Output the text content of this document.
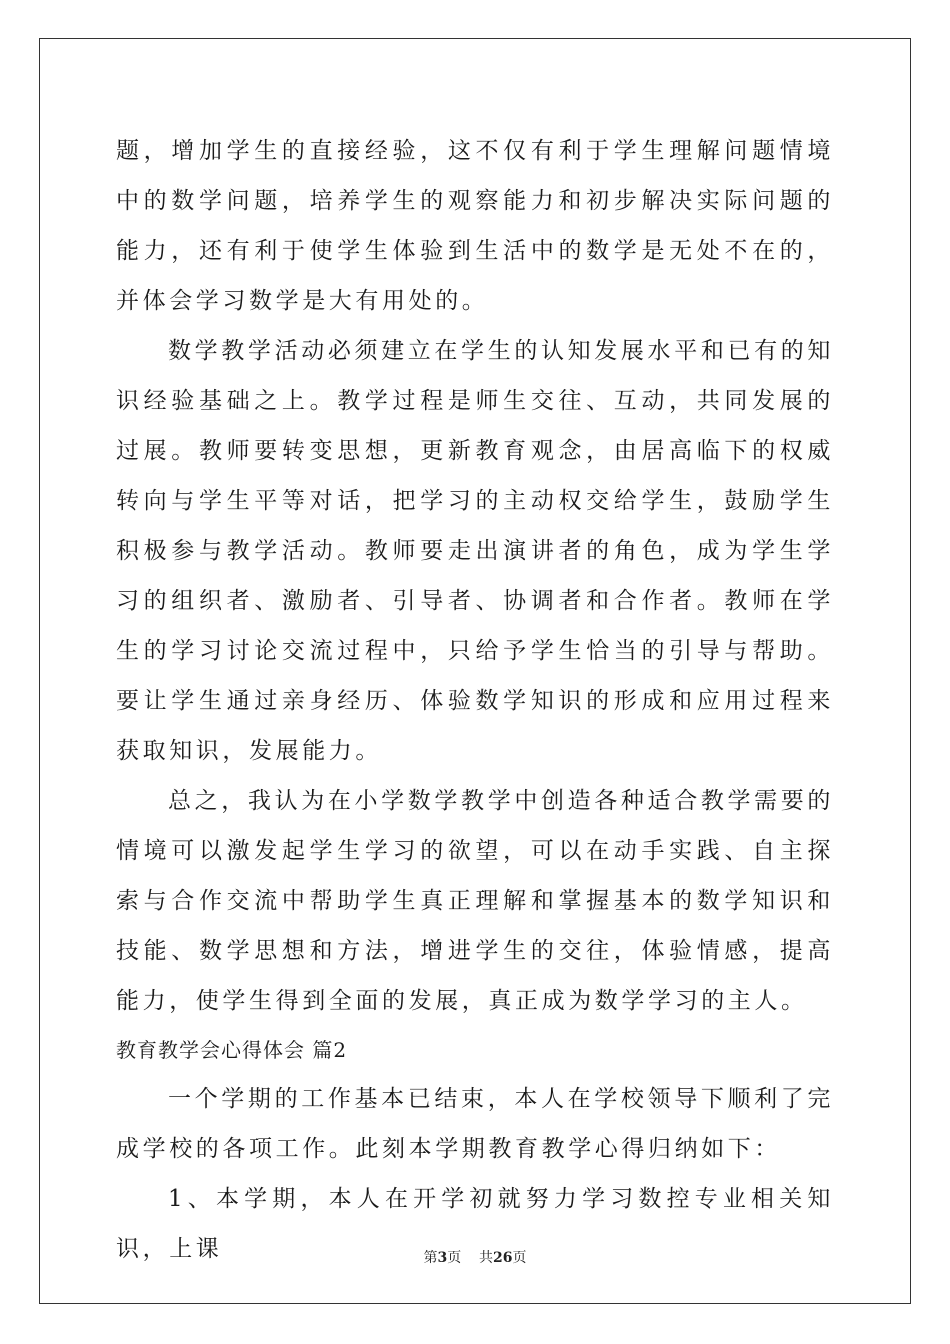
题，增加学生的直接经验，这不仅有利于学生理解问题情境中的数学问题，培养学生的观察能力和初步解决实际问题的能力，还有利于使学生体验到生活中的数学是无处不在的，并体会学习数学是大有用处的。

数学教学活动必须建立在学生的认知发展水平和已有的知识经验基础之上。教学过程是师生交往、互动，共同发展的过展。教师要转变思想，更新教育观念，由居高临下的权威转向与学生平等对话，把学习的主动权交给学生，鼓励学生积极参与教学活动。教师要走出演讲者的角色，成为学生学习的组织者、激励者、引导者、协调者和合作者。教师在学生的学习讨论交流过程中，只给予学生恰当的引导与帮助。要让学生通过亲身经历、体验数学知识的形成和应用过程来获取知识，发展能力。

总之，我认为在小学数学教学中创造各种适合教学需要的情境可以激发起学生学习的欲望，可以在动手实践、自主探索与合作交流中帮助学生真正理解和掌握基本的数学知识和技能、数学思想和方法，增进学生的交往，体验情感，提高能力，使学生得到全面的发展，真正成为数学学习的主人。

教育教学会心得体会 篇2

一个学期的工作基本已结束，本人在学校领导下顺利了完成学校的各项工作。此刻本学期教育教学心得归纳如下：

1、本学期，本人在开学初就努力学习数控专业相关知识，上课	第3页 共26页
